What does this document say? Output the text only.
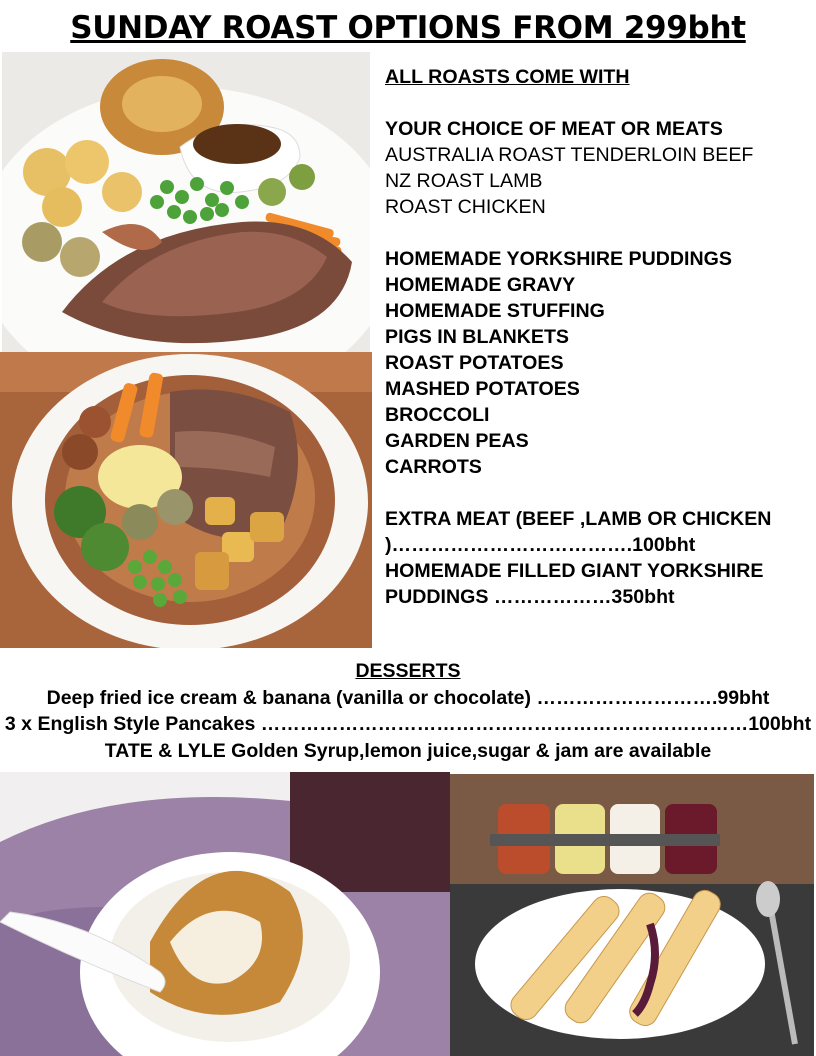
SUNDAY ROAST OPTIONS FROM 299bht
ALL ROASTS COME WITH
YOUR CHOICE OF MEAT OR MEATS
AUSTRALIA ROAST TENDERLOIN BEEF
NZ ROAST LAMB
ROAST CHICKEN
HOMEMADE YORKSHIRE PUDDINGS
HOMEMADE GRAVY
HOMEMADE STUFFING
PIGS IN BLANKETS
ROAST POTATOES
MASHED POTATOES
BROCCOLI
GARDEN PEAS
CARROTS
EXTRA MEAT (BEEF ,LAMB OR CHICKEN
)……………………………….100bht
HOMEMADE FILLED GIANT YORKSHIRE
PUDDINGS ………………350bht
DESSERTS
Deep fried ice cream & banana (vanilla or chocolate) ……………………….99bht
3 x English Style Pancakes …………………………………………………………………100bht
TATE & LYLE Golden Syrup,lemon juice,sugar & jam are available
